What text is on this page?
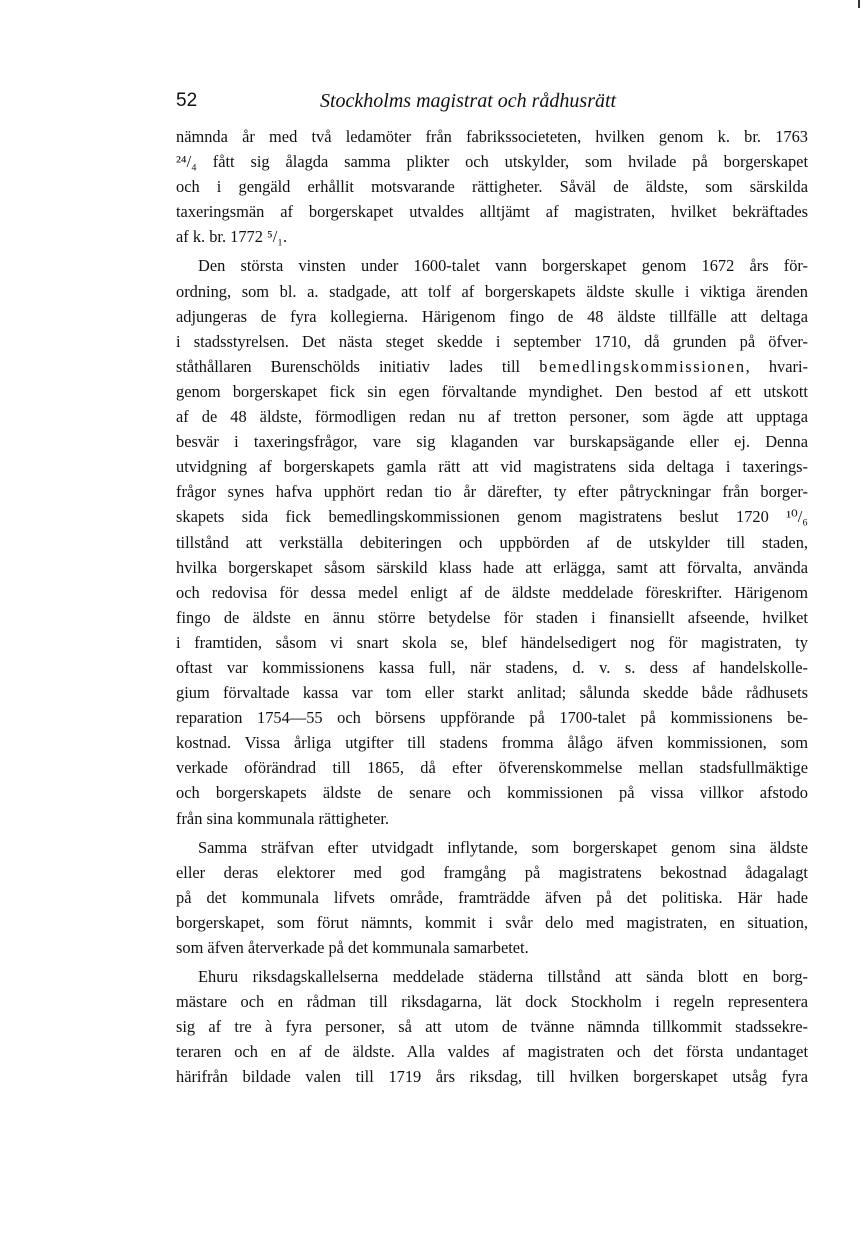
52	Stockholms magistrat och rådhusrätt
nämnda år med två ledamöter från fabrikssocieteten, hvilken genom k. br. 1763
²⁴/₄ fått sig ålagda samma plikter och utskylder, som hvilade på borgerskapet
och i gengäld erhållit motsvarande rättigheter. Såväl de äldste, som särskilda
taxeringsmän af borgerskapet utvaldes alltjämt af magistraten, hvilket bekräftades
af k. br. 1772 ⁵/₁.
Den största vinsten under 1600-talet vann borgerskapet genom 1672 års för-
ordning, som bl. a. stadgade, att tolf af borgerskapets äldste skulle i viktiga ärenden
adjungeras de fyra kollegierna. Härigenom fingo de 48 äldste tillfälle att deltaga
i stadsstyrelsen. Det nästa steget skedde i september 1710, då grunden på öfver-
ståthållaren Burenschölds initiativ lades till bemedlingskommissionen, hvari-
genom borgerskapet fick sin egen förvaltande myndighet. Den bestod af ett utskott
af de 48 äldste, förmodligen redan nu af tretton personer, som ägde att upptaga
besvär i taxeringsfrågor, vare sig klaganden var burskapsägande eller ej. Denna
utvidgning af borgerskapets gamla rätt att vid magistratens sida deltaga i taxerings-
frågor synes hafva upphört redan tio år därefter, ty efter påtryckningar från borger-
skapets sida fick bemedlingskommissionen genom magistratens beslut 1720 ¹⁰/₆
tillstånd att verkställa debiteringen och uppbörden af de utskylder till staden,
hvilka borgerskapet såsom särskild klass hade att erlägga, samt att förvalta, använda
och redovisa för dessa medel enligt af de äldste meddelade föreskrifter. Härigenom
fingo de äldste en ännu större betydelse för staden i finansiellt afseende, hvilket
i framtiden, såsom vi snart skola se, blef händelsedigert nog för magistraten, ty
oftast var kommissionens kassa full, när stadens, d. v. s. dess af handelskolle-
gium förvaltade kassa var tom eller starkt anlitad; sålunda skedde både rådhusets
reparation 1754—55 och börsens uppförande på 1700-talet på kommissionens be-
kostnad. Vissa årliga utgifter till stadens fromma ålågo äfven kommissionen, som
verkade oförändrad till 1865, då efter öfverenskommelse mellan stadsfullmäktige
och borgerskapets äldste de senare och kommissionen på vissa villkor afstodo
från sina kommunala rättigheter.
Samma sträfvan efter utvidgadt inflytande, som borgerskapet genom sina äldste
eller deras elektorer med god framgång på magistratens bekostnad ådagalagt
på det kommunala lifvets område, framträdde äfven på det politiska. Här hade
borgerskapet, som förut nämnts, kommit i svår delo med magistraten, en situation,
som äfven återverkade på det kommunala samarbetet.
Ehuru riksdagskallelserna meddelade städerna tillstånd att sända blott en borg-
mästare och en rådman till riksdagarna, lät dock Stockholm i regeln representera
sig af tre à fyra personer, så att utom de tvänne nämnda tillkommit stadssekre-
teraren och en af de äldste. Alla valdes af magistraten och det första undantaget
härifrån bildade valen till 1719 års riksdag, till hvilken borgerskapet utsåg fyra
